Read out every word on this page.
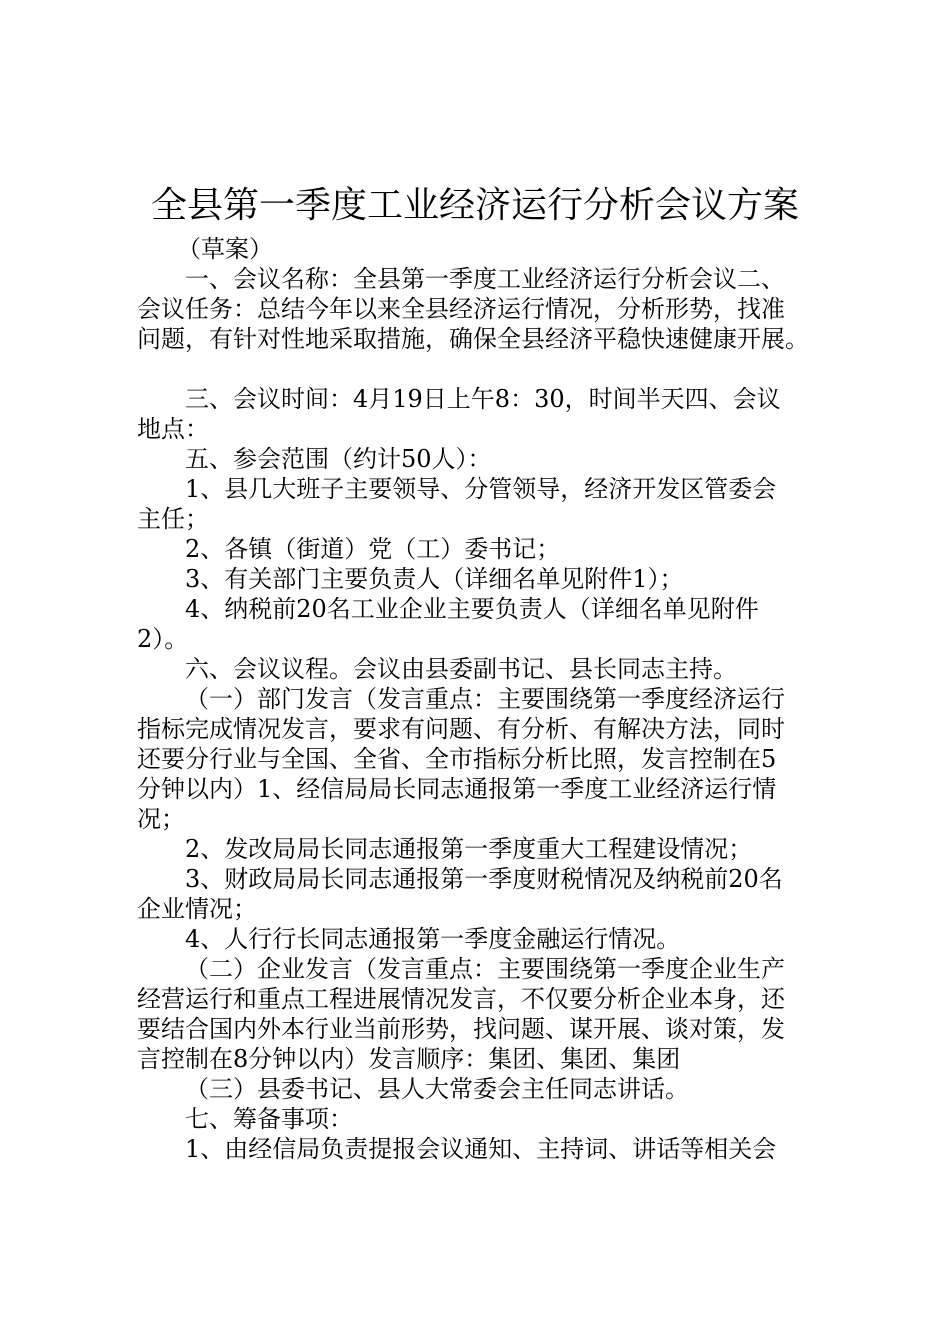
全县第一季度工业经济运行分析会议方案
（草案）
一、会议名称：全县第一季度工业经济运行分析会议二、
会议任务：总结今年以来全县经济运行情况，分析形势，找准
问题，有针对性地采取措施，确保全县经济平稳快速健康开展。
三、会议时间：4月19日上午8：30，时间半天四、会议
地点：
五、参会范围（约计50人）：
1、县几大班子主要领导、分管领导，经济开发区管委会
主任；
2、各镇（街道）党（工）委书记；
3、有关部门主要负责人（详细名单见附件1）；
4、纳税前20名工业企业主要负责人（详细名单见附件
2）。
六、会议议程。会议由县委副书记、县长同志主持。
（一）部门发言（发言重点：主要围绕第一季度经济运行
指标完成情况发言，要求有问题、有分析、有解决方法，同时
还要分行业与全国、全省、全市指标分析比照，发言控制在5
分钟以内）1、经信局局长同志通报第一季度工业经济运行情
况；
2、发改局局长同志通报第一季度重大工程建设情况；
3、财政局局长同志通报第一季度财税情况及纳税前20名
企业情况；
4、人行行长同志通报第一季度金融运行情况。
（二）企业发言（发言重点：主要围绕第一季度企业生产
经营运行和重点工程进展情况发言，不仅要分析企业本身，还
要结合国内外本行业当前形势，找问题、谋开展、谈对策，发
言控制在8分钟以内）发言顺序：集团、集团、集团
（三）县委书记、县人大常委会主任同志讲话。
七、筹备事项：
1、由经信局负责提报会议通知、主持词、讲话等相关会
